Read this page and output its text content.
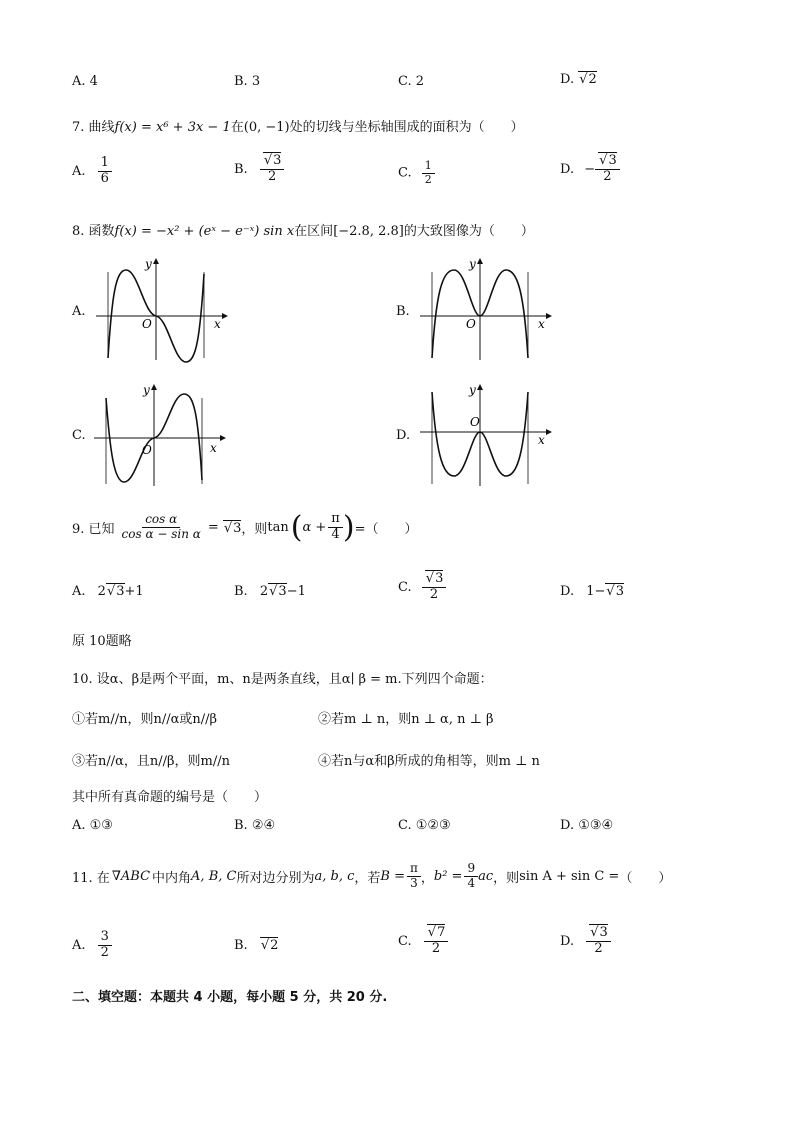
A. 4	B. 3	C. 2	D. √ 2
7. 曲线f(x) = x⁶ + 3x − 1在(0, −1)处的切线与坐标轴围成的面积为（　　）
A. $\frac{1}{6}$	B. √ $\frac{3}{2}$	C. $\frac{1}{2}$	D. − √ $\frac{3}{2}$
8. 函数f(x) = −x² + (eˣ − e⁻ˣ) sin x在区间[−2.8, 2.8]的大致图像为（　　）
A.
x
y
O
B.
x
y
O
C.
x
y
O
D.	x
y
O
9. 已知 $\frac{\text{cos α}}{\text{cos α − sin α}}$ =	√ 3 ，则 tan ( $\alpha + \frac{\pi}{4}$ ) =（　　）
A. 2 √ 3+1	B. 2 √ 3−1	C. √ $\frac{3}{2}$	D. 1− √ 3
原 10题略
10. 设α、β是两个平面，m、n是两条直线，且α∣ β = m.下列四个命题：
①若m//n，则n//α或n//β	②若m ⊥ n，则n ⊥ α, n ⊥ β
③若n//α，且n//β，则m//n	④若n与α和β所成的角相等，则m ⊥ n
其中所有真命题的编号是（　　）
A. ①③	B. ②④	C. ①②③	D. ①③④
11. 在 ∇ABC 中内角 A, B, C 所对边分别为 a, b, c ，若 $B = \frac{\pi}{3}$ ， $b^2 = \frac{9}{4}$ ac ，则 sin A + sin C = （　　）
A. $\frac{3}{2}$	B. √ 2	C. √ $\frac{7}{2}$	D. √ $\frac{3}{2}$
二、填空题：本题共 4 小题，每小题 5 分，共 20 分.
